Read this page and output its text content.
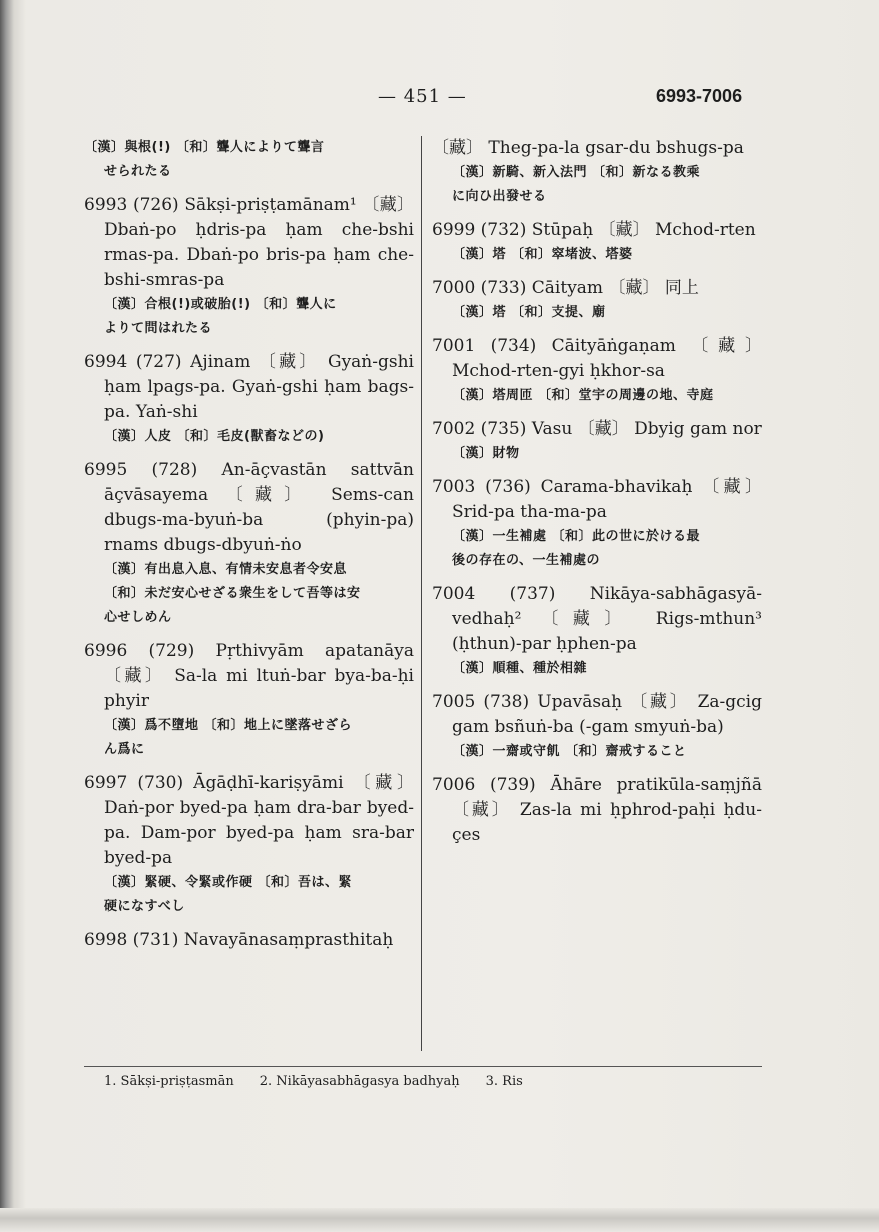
— 451 —	6993-7006

〔漢〕與根(!) 〔和〕聾人によりて聾言

せられたる

6993 (726) Sākṣi-priṣṭamānam¹ 〔藏〕 Dbaṅ-po ḥdris-pa ḥam che-bshi rmas-pa. Dbaṅ-po bris-pa ḥam che-bshi-smras-pa

〔漢〕合根(!)或破胎(!) 〔和〕聾人に

よりて問はれたる

6994 (727) Ajinam 〔藏〕 Gyaṅ-gshi ḥam lpags-pa. Gyaṅ-gshi ḥam bags-pa. Yaṅ-shi

〔漢〕人皮 〔和〕毛皮(獸畜などの)

6995 (728) An-āçvastān sattvān āçvāsayema 〔藏〕 Sems-can dbugs-ma-byuṅ-ba (phyin-pa) rnams dbugs-dbyuṅ-ṅo

〔漢〕有出息入息、有情未安息者令安息

〔和〕未だ安心せざる衆生をして吾等は安

心せしめん

6996 (729) Pṛthivyām apatanāya 〔藏〕 Sa-la mi ltuṅ-bar bya-ba-ḥi phyir

〔漢〕爲不墮地 〔和〕地上に墜落せざら

ん爲に

6997 (730) Āgāḍhī-kariṣyāmi 〔藏〕 Daṅ-por byed-pa ḥam dra-bar byed-pa. Dam-por byed-pa ḥam sra-bar byed-pa

〔漢〕緊硬、令緊或作硬 〔和〕吾は、緊

硬になすべし

6998 (731) Navayānasaṃprasthitaḥ

〔藏〕 Theg-pa-la gsar-du bshugs-pa

〔漢〕新騎、新入法門 〔和〕新なる教乘

に向ひ出發せる

6999 (732) Stūpaḥ 〔藏〕 Mchod-rten

〔漢〕塔 〔和〕窣堵波、塔婆

7000 (733) Cāityam 〔藏〕 同上

〔漢〕塔 〔和〕支提、廟

7001 (734) Cāityāṅgaṇam 〔藏〕 Mchod-rten-gyi ḥkhor-sa

〔漢〕塔周匝 〔和〕堂宇の周邊の地、寺庭

7002 (735) Vasu 〔藏〕 Dbyig gam nor

〔漢〕財物

7003 (736) Carama-bhavikaḥ 〔藏〕 Srid-pa tha-ma-pa

〔漢〕一生補處 〔和〕此の世に於ける最

後の存在の、一生補處の

7004 (737) Nikāya-sabhāgasyā-vedhaḥ² 〔藏〕 Rigs-mthun³ (ḥthun)-par ḥphen-pa

〔漢〕順種、種於相雜

7005 (738) Upavāsaḥ 〔藏〕 Za-gcig gam bsñuṅ-ba (-gam smyuṅ-ba)

〔漢〕一齋或守飢 〔和〕齋戒すること

7006 (739) Āhāre pratikūla-saṃjñā 〔藏〕 Zas-la mi ḥphrod-paḥi ḥdu-çes

1. Sākṣi-priṣṭasmān 2. Nikāyasabhāgasya badhyaḥ 3. Ris
